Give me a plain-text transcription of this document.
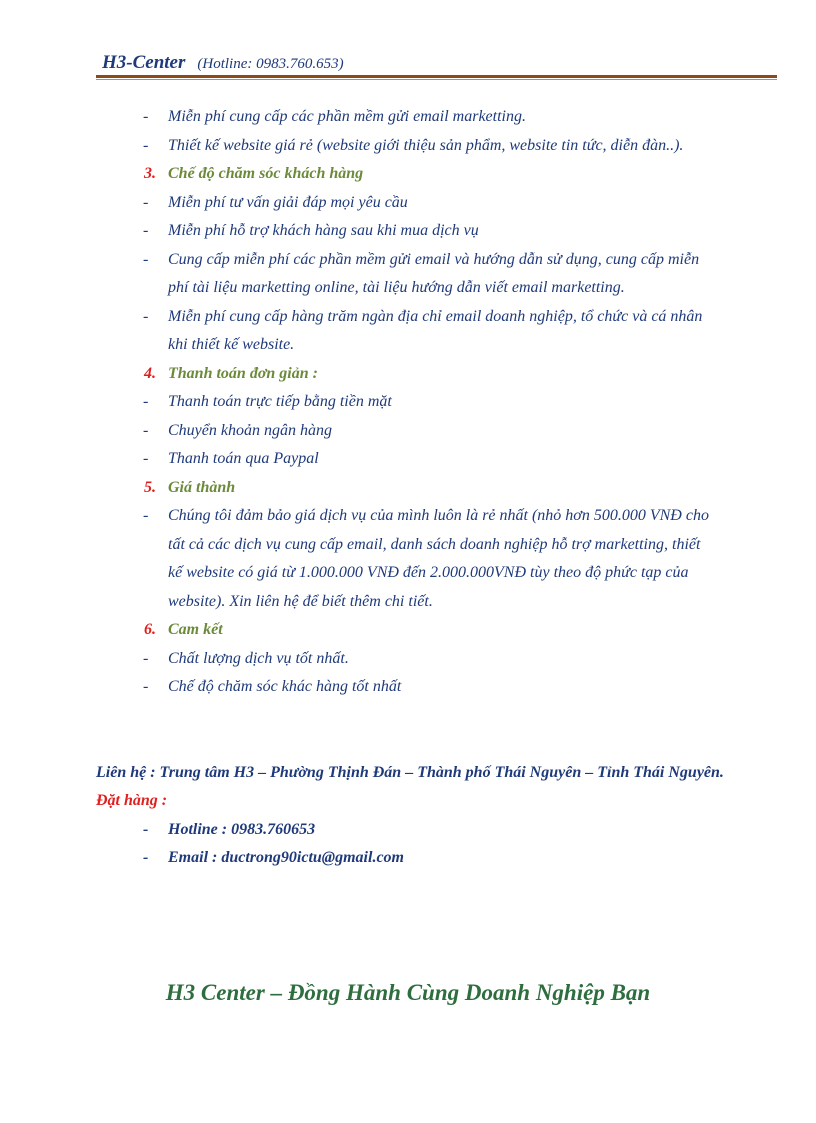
H3-Center (Hotline: 0983.760.653)
- Miễn phí cung cấp các phần mềm gửi email marketting.
- Thiết kế website giá rẻ (website giới thiệu sản phẩm, website tin tức, diễn đàn..).
3. Chế độ chăm sóc khách hàng
- Miễn phí tư vấn giải đáp mọi yêu cầu
- Miễn phí hỗ trợ khách hàng sau khi mua dịch vụ
- Cung cấp miễn phí các phần mềm gửi email và hướng dẫn sử dụng, cung cấp miễn phí tài liệu marketting online, tài liệu hướng dẫn viết email marketting.
- Miễn phí cung cấp hàng trăm ngàn địa chỉ email doanh nghiệp, tổ chức và cá nhân khi thiết kế website.
4. Thanh toán đơn giản :
- Thanh toán trực tiếp bằng tiền mặt
- Chuyển khoản ngân hàng
- Thanh toán qua Paypal
5. Giá thành
- Chúng tôi đảm bảo giá dịch vụ của mình luôn là rẻ nhất (nhỏ hơn 500.000 VNĐ cho tất cả các dịch vụ cung cấp email, danh sách doanh nghiệp hỗ trợ marketting, thiết kế website có giá từ 1.000.000 VNĐ đến 2.000.000VNĐ tùy theo độ phức tạp của website). Xin liên hệ để biết thêm chi tiết.
6. Cam kết
- Chất lượng dịch vụ tốt nhất.
- Chế độ chăm sóc khác hàng tốt nhất
Liên hệ : Trung tâm H3 – Phường Thịnh Đán – Thành phố Thái Nguyên – Tỉnh Thái Nguyên.
Đặt hàng :
- Hotline : 0983.760653
- Email : ductrong90ictu@gmail.com
H3 Center – Đồng Hành Cùng Doanh Nghiệp Bạn
